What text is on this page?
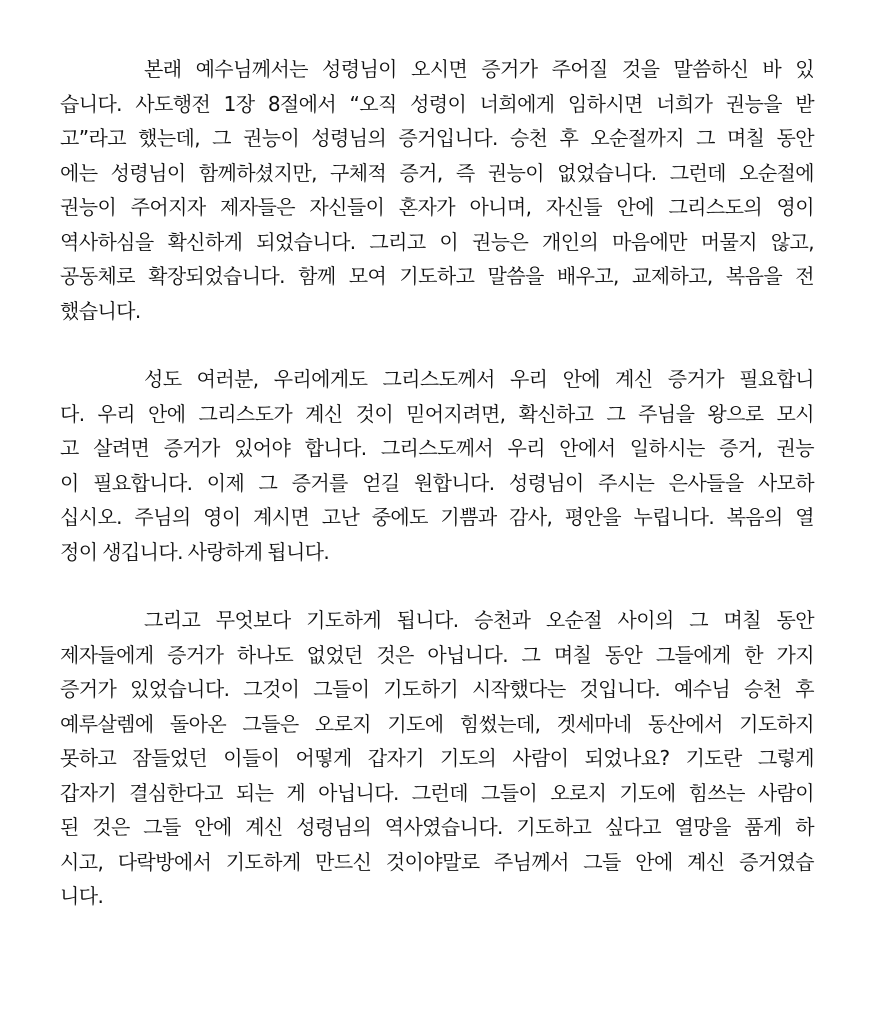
본래 예수님께서는 성령님이 오시면 증거가 주어질 것을 말씀하신 바 있
습니다. 사도행전 1장 8절에서 “오직 성령이 너희에게 임하시면 너희가 권능을 받
고”라고 했는데, 그 권능이 성령님의 증거입니다. 승천 후 오순절까지 그 며칠 동안
에는 성령님이 함께하셨지만, 구체적 증거, 즉 권능이 없었습니다. 그런데 오순절에
권능이 주어지자 제자들은 자신들이 혼자가 아니며, 자신들 안에 그리스도의 영이
역사하심을 확신하게 되었습니다. 그리고 이 권능은 개인의 마음에만 머물지 않고,
공동체로 확장되었습니다. 함께 모여 기도하고 말씀을 배우고, 교제하고, 복음을 전
했습니다.
성도 여러분, 우리에게도 그리스도께서 우리 안에 계신 증거가 필요합니
다. 우리 안에 그리스도가 계신 것이 믿어지려면, 확신하고 그 주님을 왕으로 모시
고 살려면 증거가 있어야 합니다. 그리스도께서 우리 안에서 일하시는 증거, 권능
이 필요합니다. 이제 그 증거를 얻길 원합니다. 성령님이 주시는 은사들을 사모하
십시오. 주님의 영이 계시면 고난 중에도 기쁨과 감사, 평안을 누립니다. 복음의 열
정이 생깁니다. 사랑하게 됩니다.
그리고 무엇보다 기도하게 됩니다. 승천과 오순절 사이의 그 며칠 동안
제자들에게 증거가 하나도 없었던 것은 아닙니다. 그 며칠 동안 그들에게 한 가지
증거가 있었습니다. 그것이 그들이 기도하기 시작했다는 것입니다. 예수님 승천 후
예루살렘에 돌아온 그들은 오로지 기도에 힘썼는데, 겟세마네 동산에서 기도하지
못하고 잠들었던 이들이 어떻게 갑자기 기도의 사람이 되었나요? 기도란 그렇게
갑자기 결심한다고 되는 게 아닙니다. 그런데 그들이 오로지 기도에 힘쓰는 사람이
된 것은 그들 안에 계신 성령님의 역사였습니다. 기도하고 싶다고 열망을 품게 하
시고, 다락방에서 기도하게 만드신 것이야말로 주님께서 그들 안에 계신 증거였습
니다.
